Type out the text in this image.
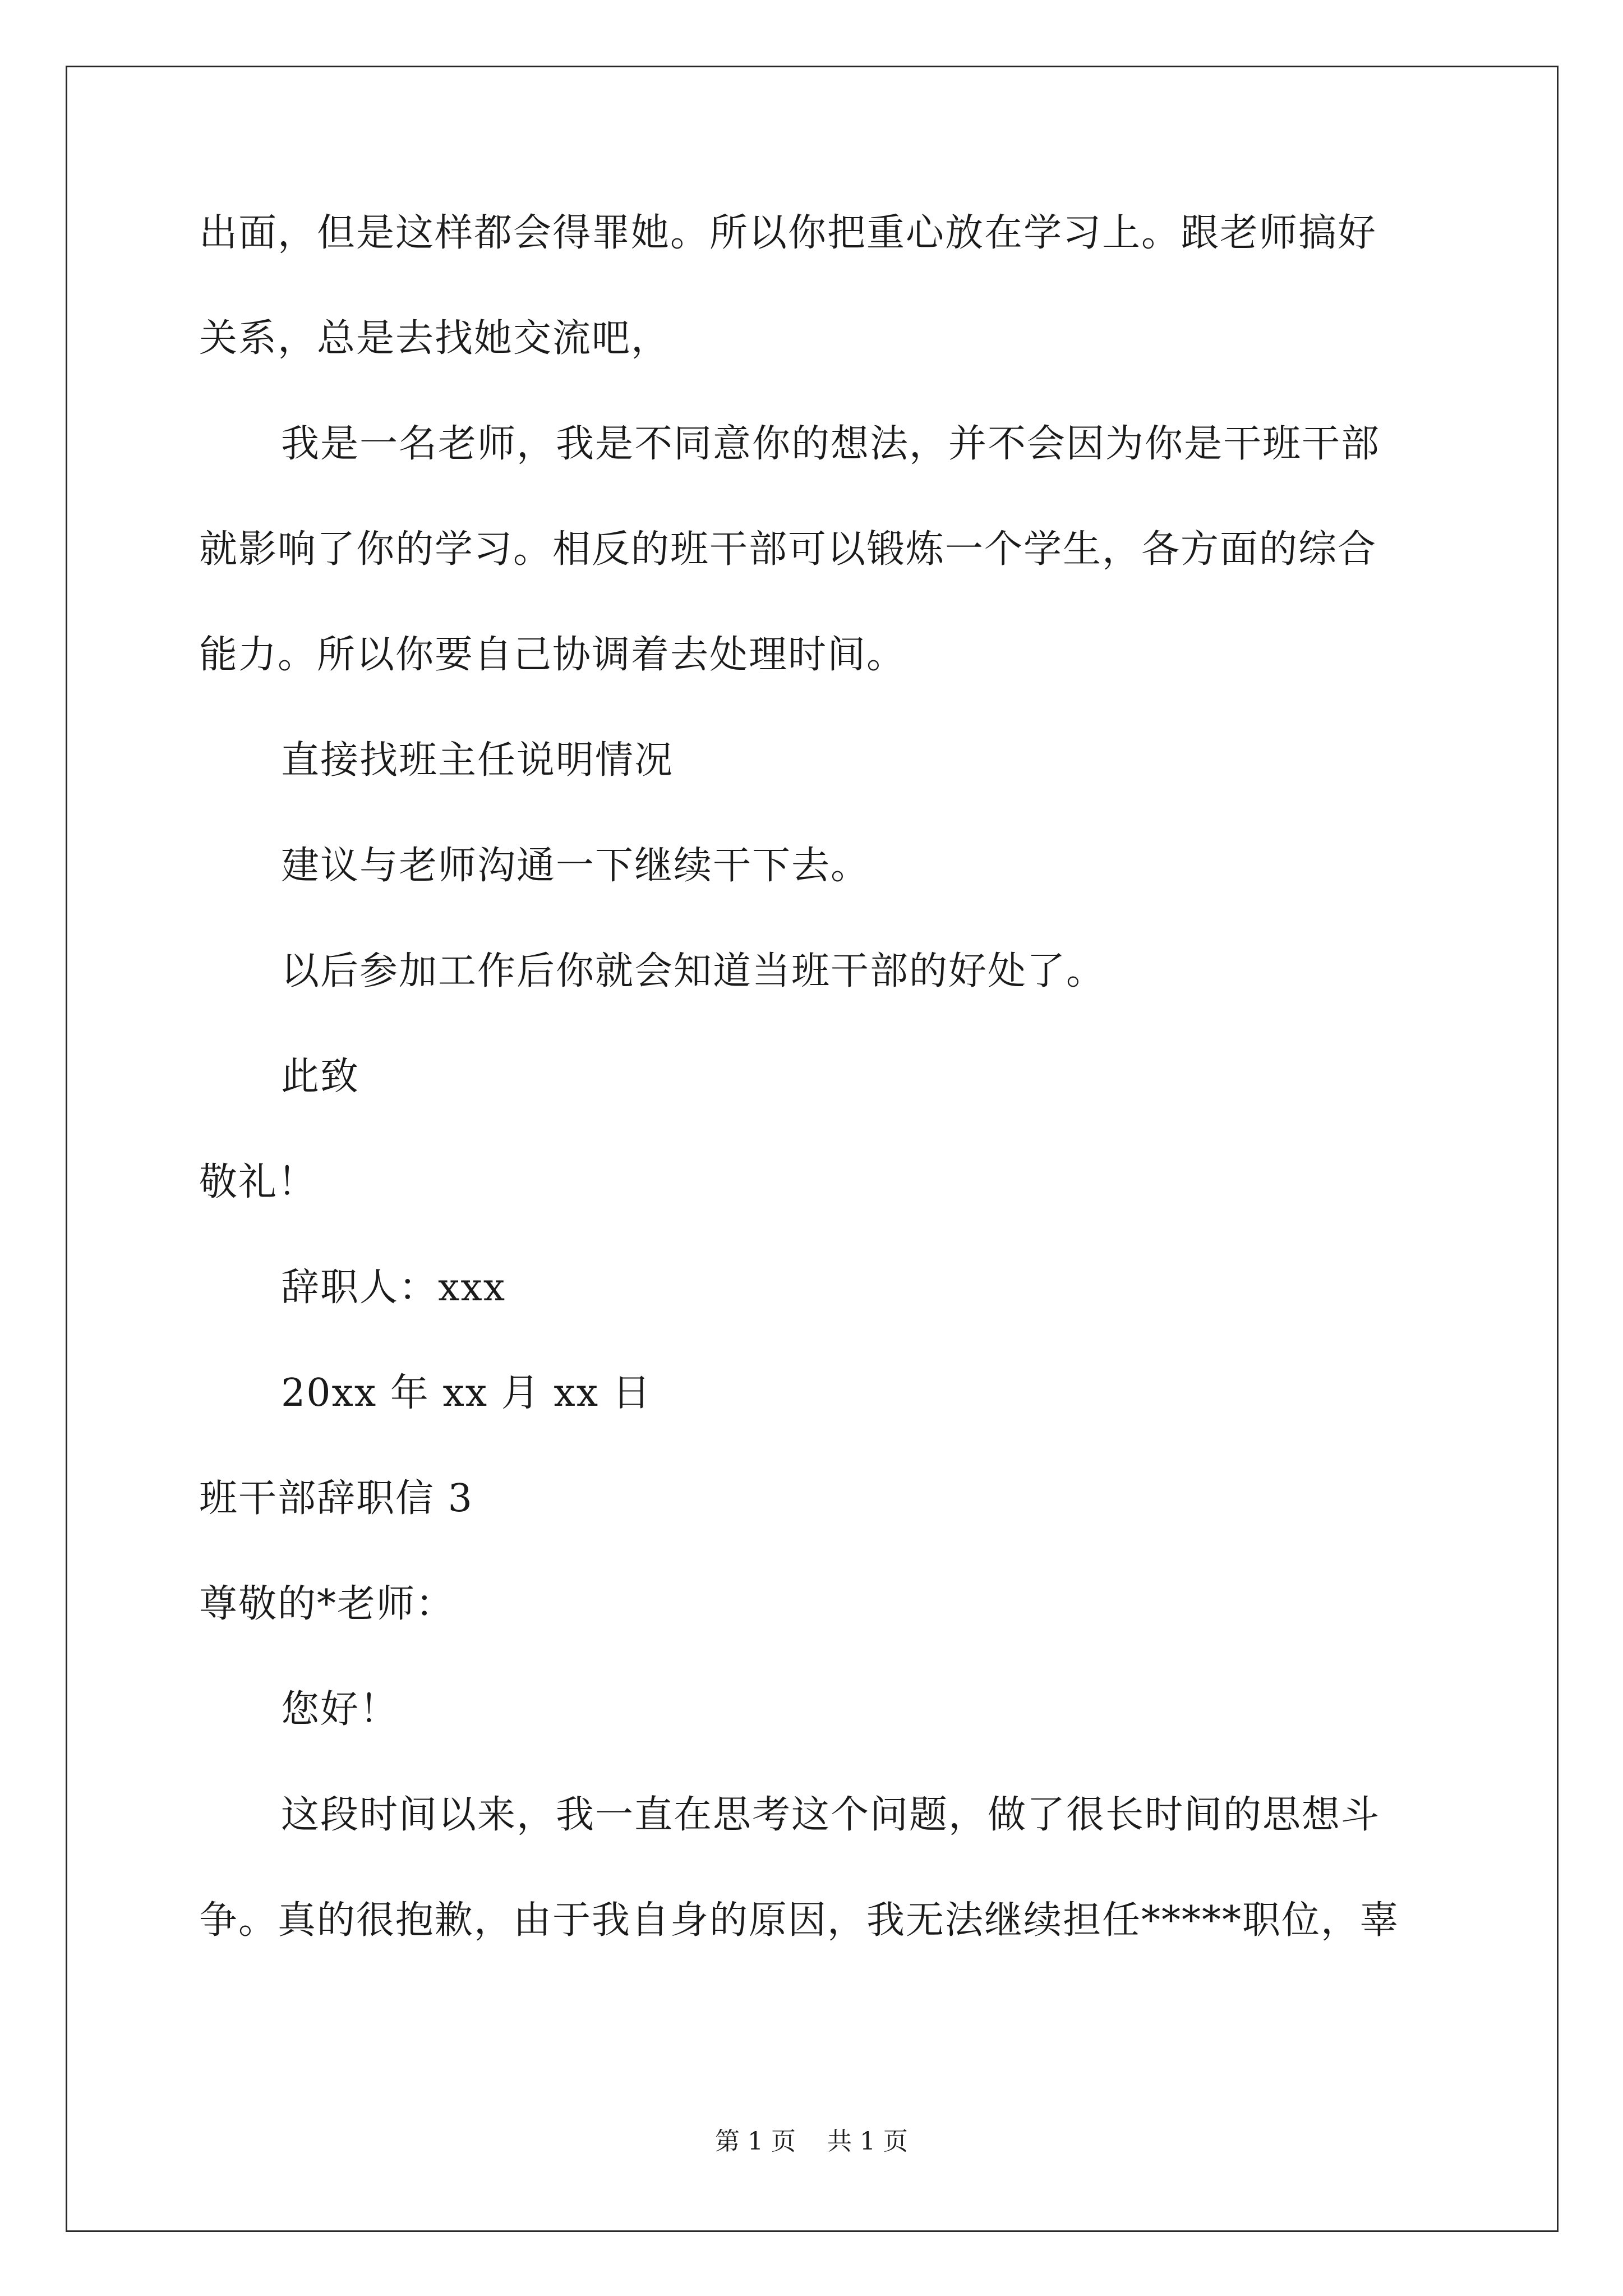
出面，但是这样都会得罪她。所以你把重心放在学习上。跟老师搞好
关系，总是去找她交流吧，
我是一名老师，我是不同意你的想法，并不会因为你是干班干部
就影响了你的学习。相反的班干部可以锻炼一个学生，各方面的综合
能力。所以你要自己协调着去处理时间。
直接找班主任说明情况
建议与老师沟通一下继续干下去。
以后参加工作后你就会知道当班干部的好处了。
此致
敬礼！
辞职人：xxx
20xx 年 xx 月 xx 日
班干部辞职信 3
尊敬的*老师：
您好！
这段时间以来，我一直在思考这个问题，做了很长时间的思想斗
争。真的很抱歉，由于我自身的原因，我无法继续担任*****职位，辜
第 1 页    共 1 页
